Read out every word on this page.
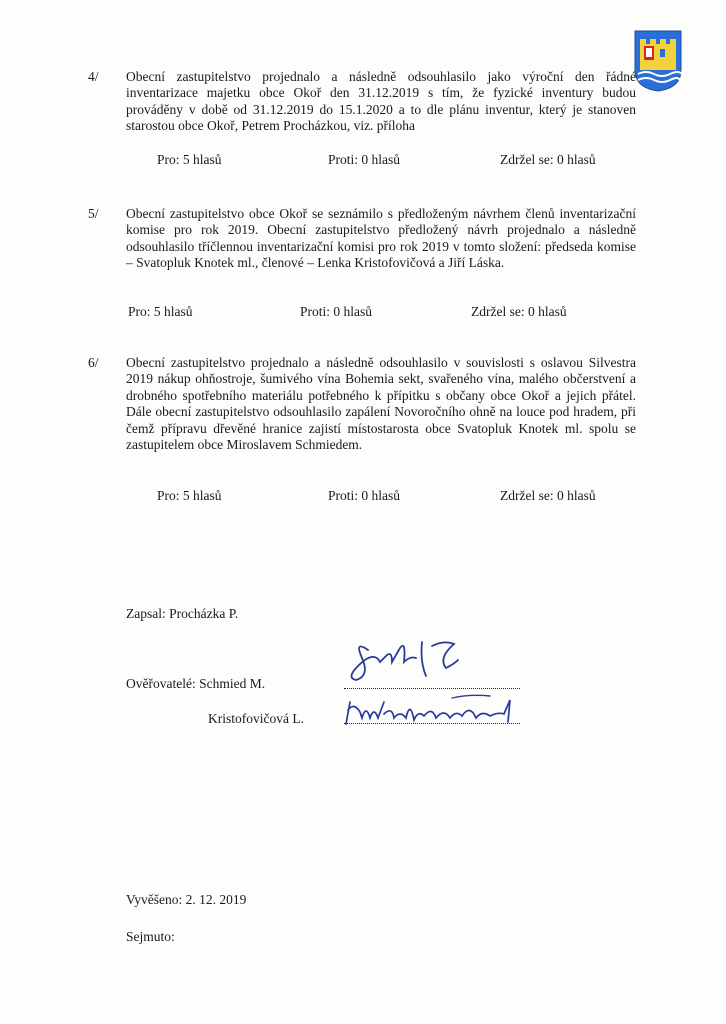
4/ Obecní zastupitelstvo projednalo a následně odsouhlasilo jako výroční den řádné inventarizace majetku obce Okoř den 31.12.2019 s tím, že fyzické inventury budou prováděny v době od 31.12.2019 do 15.1.2020 a to dle plánu inventur, který je stanoven starostou obce Okoř, Petrem Procházkou, viz. příloha

Pro: 5 hlasů	Proti: 0 hlasů	Zdržel se: 0 hlasů
5/ Obecní zastupitelstvo obce Okoř se seznámilo s předloženým návrhem členů inventarizační komise pro rok 2019. Obecní zastupitelstvo předložený návrh projednalo a následně odsouhlasilo tříčlennou inventarizační komisi pro rok 2019 v tomto složení: předseda komise – Svatopluk Knotek ml., členové – Lenka Kristofovičová a Jiří Láska.

Pro: 5 hlasů	Proti: 0 hlasů	Zdržel se: 0 hlasů
6/ Obecní zastupitelstvo projednalo a následně odsouhlasilo v souvislosti s oslavou Silvestra 2019 nákup ohňostroje, šumivého vína Bohemia sekt, svařeného vína, malého občerstvení a drobného spotřebního materiálu potřebného k přípitku s občany obce Okoř a jejich přátel. Dále obecní zastupitelstvo odsouhlasilo zapálení Novoročního ohně na louce pod hradem, při čemž přípravu dřevěné hranice zajistí místostarosta obce Svatopluk Knotek ml. spolu se zastupitelem obce Miroslavem Schmiedem.

Pro: 5 hlasů	Proti: 0 hlasů	Zdržel se: 0 hlasů
Zapsal: Procházka P.
Ověřovatelé: Schmied M.
Kristofovičová L.
Vyvěšeno: 2. 12. 2019
Sejmuto:
